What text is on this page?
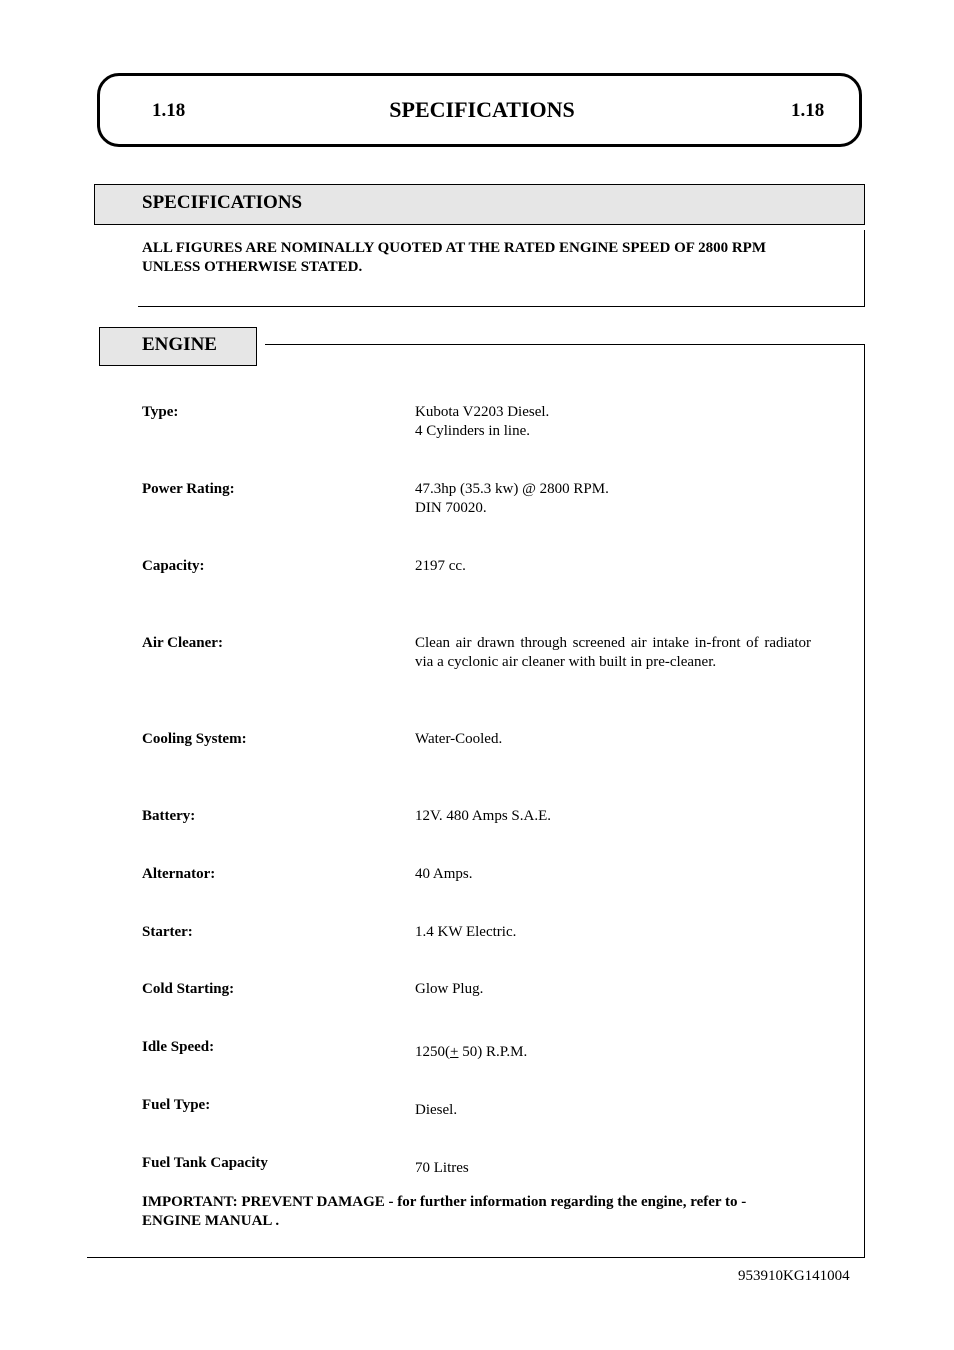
1.18	SPECIFICATIONS	1.18
SPECIFICATIONS
ALL FIGURES ARE NOMINALLY QUOTED AT THE RATED ENGINE SPEED OF 2800 RPM
UNLESS OTHERWISE STATED.
ENGINE
Type:	Kubota V2203 Diesel.
4 Cylinders in line.
Power Rating:	47.3hp (35.3 kw) @ 2800 RPM.
DIN 70020.
Capacity:	2197 cc.
Air Cleaner:	Clean air drawn through screened air intake in-front of radiator via a cyclonic air cleaner with built in pre-cleaner.
Cooling System:	Water-Cooled.
Battery:	12V. 480 Amps S.A.E.
Alternator:	40 Amps.
Starter:	1.4 KW Electric.
Cold Starting:	Glow Plug.
Idle Speed:	1250(+ 50) R.P.M.
Fuel Type:	Diesel.
Fuel Tank Capacity	70 Litres
IMPORTANT: PREVENT DAMAGE - for further information regarding the engine, refer to -
ENGINE MANUAL .
953910KG141004
